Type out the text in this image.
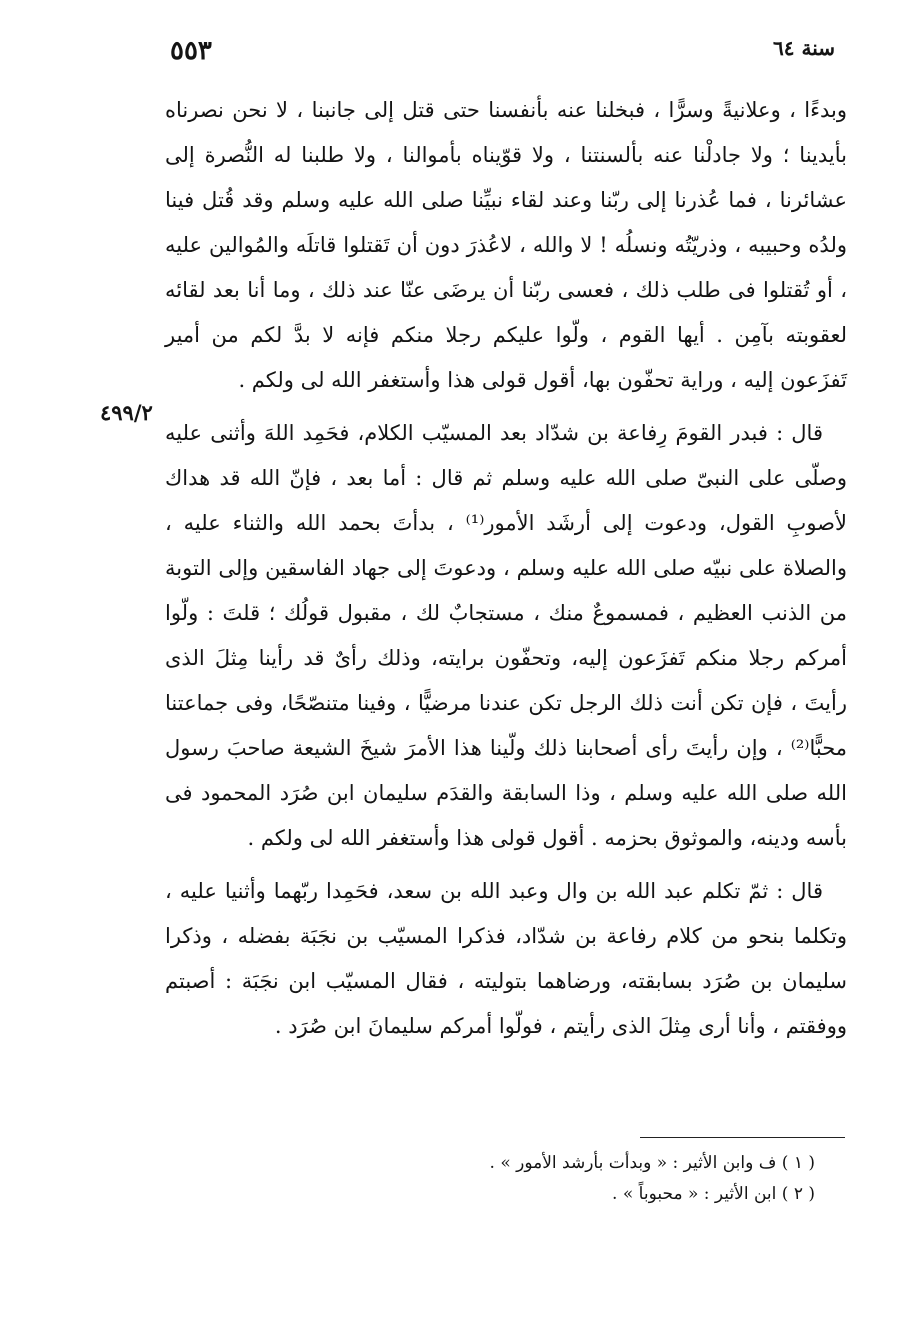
٥٥٣	سنة ٦٤
٤٩٩/٢

وبدءًا ، وعلانيةً وسرًّا ، فبخلنا عنه بأنفسنا حتى قتل إلى جانبنا ، لا نحن نصرناه بأيدينا ؛ ولا جادلْنا عنه بألسنتنا ، ولا قوّيناه بأموالنا ، ولا طلبنا له النُّصرة إلى عشائرنا ، فما عُذرنا إلى ربّنا وعند لقاء نبيِّنا صلى الله عليه وسلم وقد قُتل فينا ولدُه وحبيبه ، وذريّتُه ونسلُه ! لا والله ، لاعُذرَ دون أن تَقتلوا قاتلَه والمُوالين عليه ، أو تُقتلوا فى طلب ذلك ، فعسى ربّنا أن يرضَى عنّا عند ذلك ، وما أنا بعد لقائه لعقوبته بآمِن . أيها القوم ، ولّوا عليكم رجلا منكم فإنه لا بدَّ لكم من أمير تَفزَعون إليه ، وراية تحفّون بها، أقول قولى هذا وأستغفر الله لى ولكم .

قال : فبدر القومَ رِفاعة بن شدّاد بعد المسيّب الكلام، فحَمِد اللهَ وأثنى عليه وصلّى على النبىّ صلى الله عليه وسلم ثم قال : أما بعد ، فإنّ الله قد هداك لأصوبِ القول، ودعوت إلى أرشَد الأمور⁽¹⁾ ، بدأتَ بحمد الله والثناء عليه ، والصلاة على نبيّه صلى الله عليه وسلم ، ودعوتَ إلى جهاد الفاسقين وإلى التوبة من الذنب العظيم ، فمسموعٌ منك ، مستجابٌ لك ، مقبول قولُك ؛ قلتَ : ولّوا أمركم رجلا منكم تَفزَعون إليه، وتحفّون برايته، وذلك رأىٌ قد رأينا مِثلَ الذى رأيتَ ، فإن تكن أنت ذلك الرجل تكن عندنا مرضيًّا ، وفينا متنصّحًا، وفى جماعتنا محبًّا⁽²⁾ ، وإن رأيتَ رأى أصحابنا ذلك ولّينا هذا الأمرَ شيخَ الشيعة صاحبَ رسول الله صلى الله عليه وسلم ، وذا السابقة والقدَم سليمان ابن صُرَد المحمود فى بأسه ودينه، والموثوق بحزمه . أقول قولى هذا وأستغفر الله لى ولكم .

قال : ثمّ تكلم عبد الله بن وال وعبد الله بن سعد، فحَمِدا ربّهما وأثنيا عليه ، وتكلما بنحو من كلام رفاعة بن شدّاد، فذكرا المسيّب بن نجَبَة بفضله ، وذكرا سليمان بن صُرَد بسابقته، ورضاهما بتوليته ، فقال المسيّب ابن نجَبَة : أصبتم ووفقتم ، وأنا أرى مِثلَ الذى رأيتم ، فولّوا أمركم سليمانَ ابن صُرَد .

( ١ ) ف وابن الأثير : « وبدأت بأرشد الأمور » .

( ٢ ) ابن الأثير : « محبوباً » .
